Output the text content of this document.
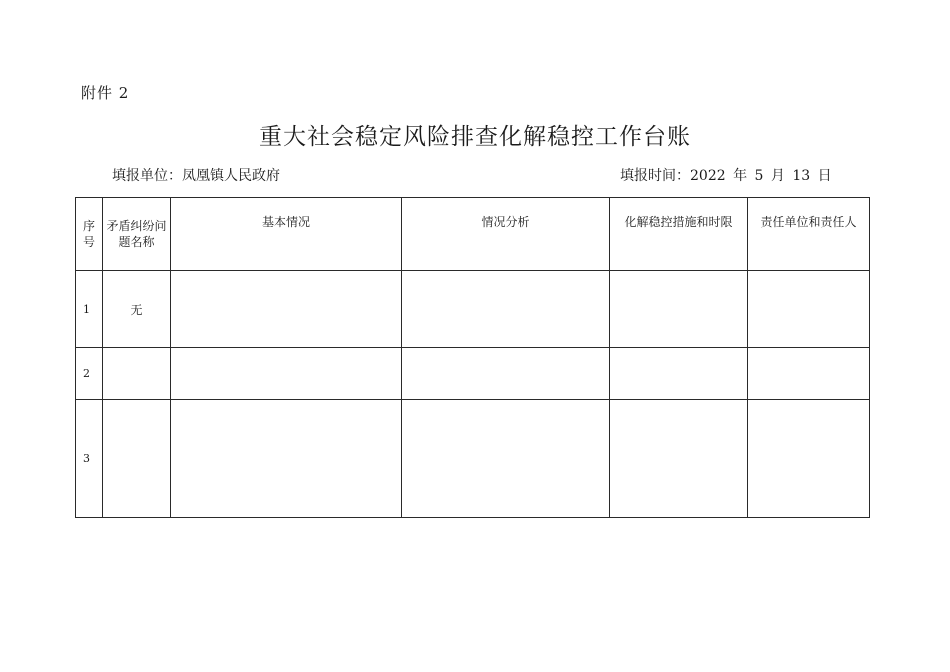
附件 2
重大社会稳定风险排查化解稳控工作台账
填报单位：凤凰镇人民政府	填报时间：2022 年 5 月 13 日
序号	矛盾纠纷问题名称	基本情况	情况分析	化解稳控措施和时限	责任单位和责任人
1	无				
2					
3					
